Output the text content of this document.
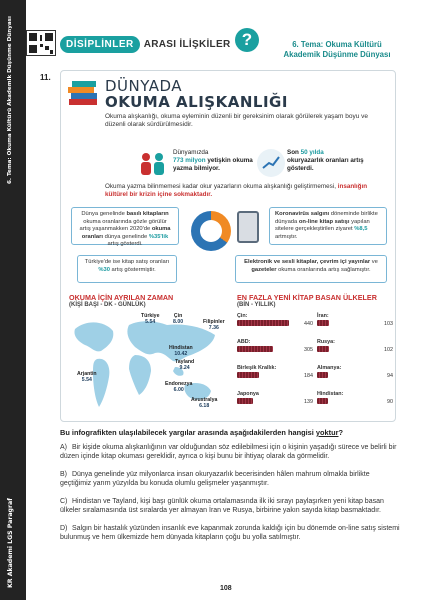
6. Tema: Okuma Kültürü Akademik Düşünme Dünyası
KR Akademi LGS Paragraf
DİSİPLİNLER	ARASI İLİŞKİLER ?	6. Tema: Okuma Kültürü
Akademik Düşünme Dünyası
11.	DÜNYADA
OKUMA ALIŞKANLIĞI
Okuma alışkanlığı, okuma eyleminin düzenli bir gereksinim olarak görülerek yaşam boyu ve düzenli olarak sürdürülmesidir.
Dünyamızda
773 milyon yetişkin okuma yazma bilmiyor.
Son 50 yılda
okuryazarlık oranları artış gösterdi.
Okuma yazma bilinmemesi kadar okur yazarların okuma alışkanlığı geliştirmemesi, insanlığın kültürel bir krizin içine sokmaktadır.
Dünya genelinde basılı kitapların okuma oranlarında gözle görülür artış yaşanmakken 2020'de okuma oranları dünya genelinde %35'lik artış gösterdi.
Koronavirüs salgını döneminde birlikte dünyada on-line kitap satışı yapılan sitelere gerçekleştirilen ziyaret %8,5 artmıştır.
Türkiye'de ise kitap satış oranları %30 artış göstermiştir.
Elektronik ve sesli kitaplar, çevrim içi yayınlar ve gazeteler okuma oranlarında artış sağlamıştır.
OKUMA İÇİN AYRILAN ZAMAN
(KİŞİ BAŞI - DK - GÜNLÜK)
EN FAZLA YENİ KİTAP BASAN ÜLKELER
(BİN - YILLIK)
Türkiye
5.54
Çin
8.00	Filipinler
7.36
Hindistan
10.42
Tayland
9.24
Arjantin
5.54
Endonezya
6.00
Avustralya
6.18
Çin:
440
İran:
103
ABD:
305
Rusya:
102
Birleşik Krallık:
184
Almanya:
94
Japonya
139
Hindistan:
90
Bu infografikten ulaşılabilecek yargılar arasında aşağıdakilerden hangisi yoktur?
A) Bir kişide okuma alışkanlığının var olduğundan söz edilebilmesi için o kişinin yaşadığı sürece ve belirli bir düzen içinde kitap okuması gereklidir, ayrıca o kişi bunu bir ihtiyaç olarak da görmelidir.
B) Dünya genelinde yüz milyonlarca insan okuryazarlık becerisinden hâlen mahrum olmakla birlikte geçtiğimiz yarım yüzyılda bu konuda olumlu gelişmeler yaşanmıştır.
C) Hindistan ve Tayland, kişi başı günlük okuma ortalamasında ilk iki sırayı paylaşırken yeni kitap basan ülkeler sıralamasında üst sıralarda yer almayan İran ve Rusya, birbirine yakın sayıda kitap basmaktadır.
D) Salgın bir hastalık yüzünden insanlık eve kapanmak zorunda kaldığı için bu dönemde on-line satış sistemi bulunmuş ve hem ülkemizde hem dünyada kitapların çoğu bu yolla satılmıştır.
108
